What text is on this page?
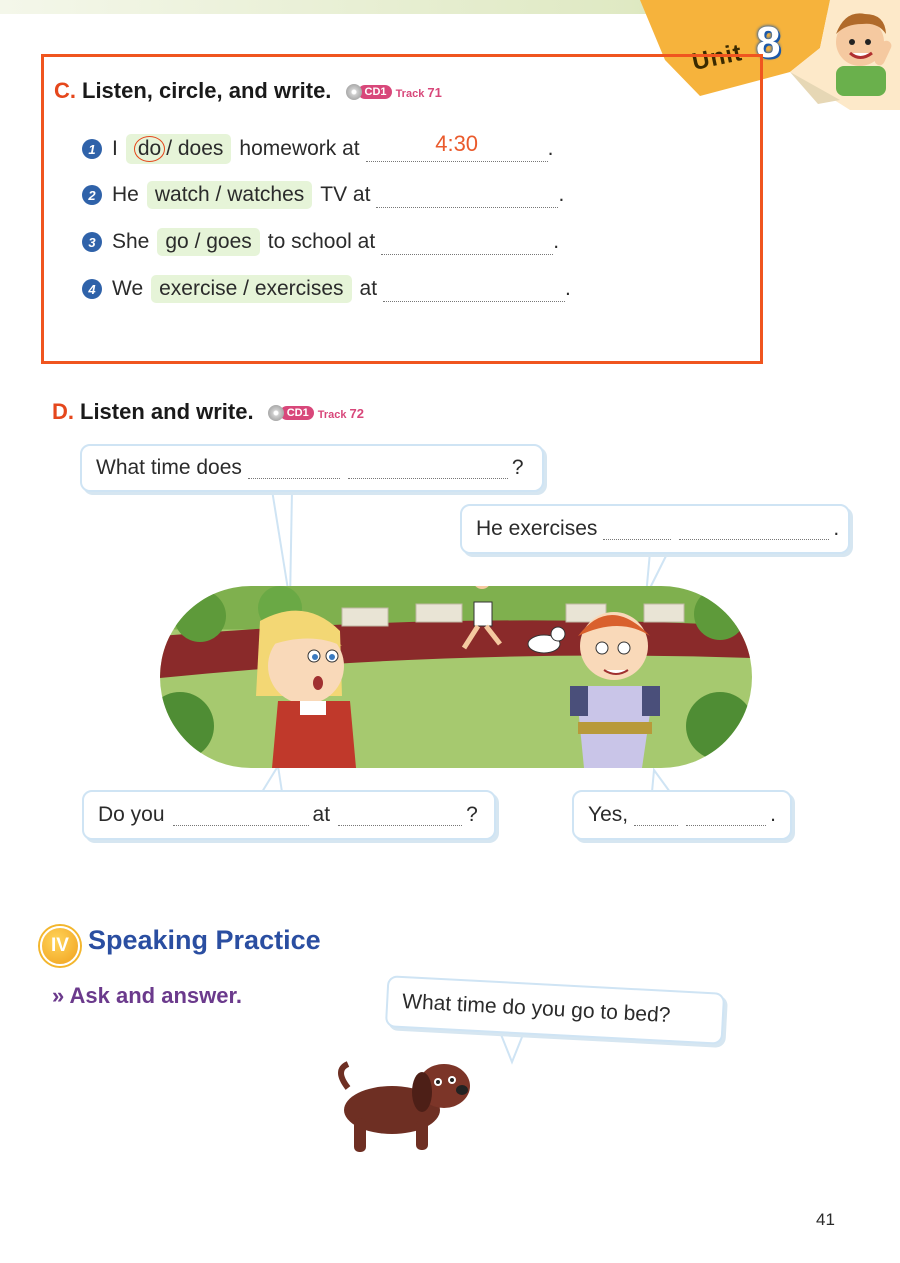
Unit 8
C. Listen, circle, and write.	CD1 Track 71
1 I do / does homework at	4:30	.
2 He watch / watches TV at	.
3 She go / goes to school at	.
4 We exercise / exercises at	.
D. Listen and write.	CD1 Track 72
What time does	?
He exercises	.
Do you	at	?	Yes,	.
IV Speaking Practice
» Ask and answer.	What time do you go to bed?
41
